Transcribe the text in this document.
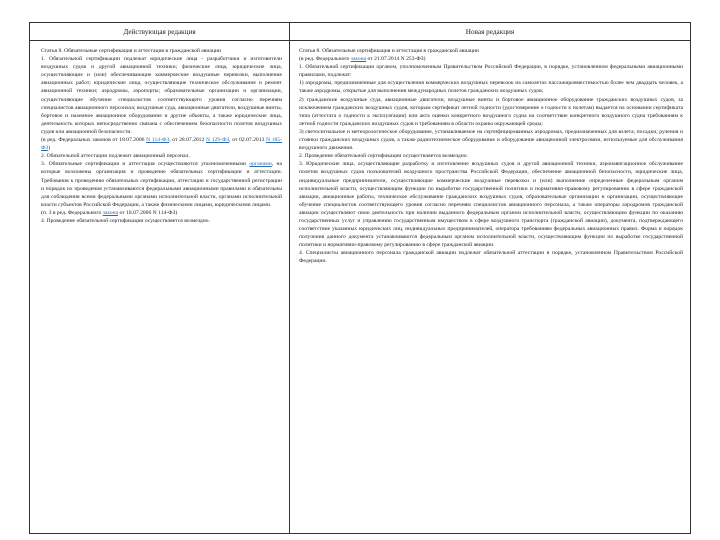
Действующая редакция	Новая редакция

Статья 8. Обязательные сертификация и аттестация в гражданской авиации

1. Обязательной сертификации подлежат юридические лица - разработчики и изготовители воздушных судов и другой авиационной техники; физические лица, юридические лица, осуществляющие и (или) обеспечивающие коммерческие воздушные перевозки, выполнение авиационных работ; юридические лица, осуществляющие техническое обслуживание и ремонт авиационной техники; аэродромы, аэропорты; образовательные организации и организации, осуществляющие обучение специалистов соответствующего уровня согласно перечням специалистов авиационного персонала; воздушные суда, авиационные двигатели, воздушные винты, бортовое и наземное авиационное оборудование и другие объекты, а также юридические лица, деятельность которых непосредственно связана с обеспечением безопасности полетов воздушных судов или авиационной безопасности.

(в ред. Федеральных законов от 18.07.2006 N 114-ФЗ, от 28.07.2012 N 129-ФЗ, от 02.07.2013 N 185-ФЗ)

2. Обязательной аттестации подлежит авиационный персонал.

3. Обязательные сертификация и аттестация осуществляются уполномоченными органами, на которые возложены организация и проведение обязательных сертификации и аттестации. Требования к проведению обязательных сертификации, аттестации и государственной регистрации и порядок их проведения устанавливаются федеральными авиационными правилами и обязательны для соблюдения всеми федеральными органами исполнительной власти, органами исполнительной власти субъектов Российской Федерации, а также физическими лицами, юридическими лицами.

(п. 3 в ред. Федерального закона от 18.07.2006 N 114-ФЗ)

4. Проведение обязательной сертификации осуществляется возмездно.

Статья 8. Обязательные сертификация и аттестация в гражданской авиации

(в ред. Федерального закона от 21.07.2014 N 253-ФЗ)

1. Обязательной сертификации органом, уполномоченным Правительством Российской Федерации, в порядке, установленном федеральными авиационными правилами, подлежат:

1) аэродромы, предназначенные для осуществления коммерческих воздушных перевозок на самолетах пассажировместимостью более чем двадцать человек, а также аэродромы, открытые для выполнения международных полетов гражданских воздушных судов;

2) гражданские воздушные суда, авиационные двигатели, воздушные винты и бортовое авиационное оборудование гражданских воздушных судов, за исключением гражданских воздушных судов, которым сертификат летной годности (удостоверение о годности к полетам) выдается на основании сертификата типа (аттестата о годности к эксплуатации) или акта оценки конкретного воздушного судна на соответствие конкретного воздушного судна требованиям к летной годности гражданских воздушных судов и требованиям в области охраны окружающей среды;

3) светосигнальное и метеорологическое оборудование, устанавливаемое на сертифицированных аэродромах, предназначенных для взлета, посадки, руления и стоянки гражданских воздушных судов, а также радиотехническое оборудование и оборудование авиационной электросвязи, используемые для обслуживания воздушного движения.

2. Проведение обязательной сертификации осуществляется возмездно.

3. Юридические лица, осуществляющие разработку и изготовление воздушных судов и другой авиационной техники, аэронавигационное обслуживание полетов воздушных судов пользователей воздушного пространства Российской Федерации, обеспечение авиационной безопасности, юридические лица, индивидуальные предприниматели, осуществляющие коммерческие воздушные перевозки и (или) выполнение определенные федеральным органом исполнительной власти, осуществляющим функции по выработке государственной политики и нормативно-правовому регулированию в сфере гражданской авиации, авиационные работы, техническое обслуживание гражданских воздушных судов, образовательные организации и организации, осуществляющие обучение специалистов соответствующего уровня согласно перечням специалистов авиационного персонала, а также операторы аэродромов гражданской авиации осуществляют свою деятельность при наличии выданного федеральным органом исполнительной власти, осуществляющим функции по оказанию государственных услуг и управлению государственным имуществом в сфере воздушного транспорта (гражданской авиации), документа, подтверждающего соответствие указанных юридических лиц, индивидуальных предпринимателей, оператора требованиям федеральных авиационных правил. Форма и порядок получения данного документа устанавливаются федеральным органом исполнительной власти, осуществляющим функции по выработке государственной политики и нормативно-правовому регулированию в сфере гражданской авиации.

4. Специалисты авиационного персонала гражданской авиации подлежат обязательной аттестации в порядке, установленном Правительством Российской Федерации.
